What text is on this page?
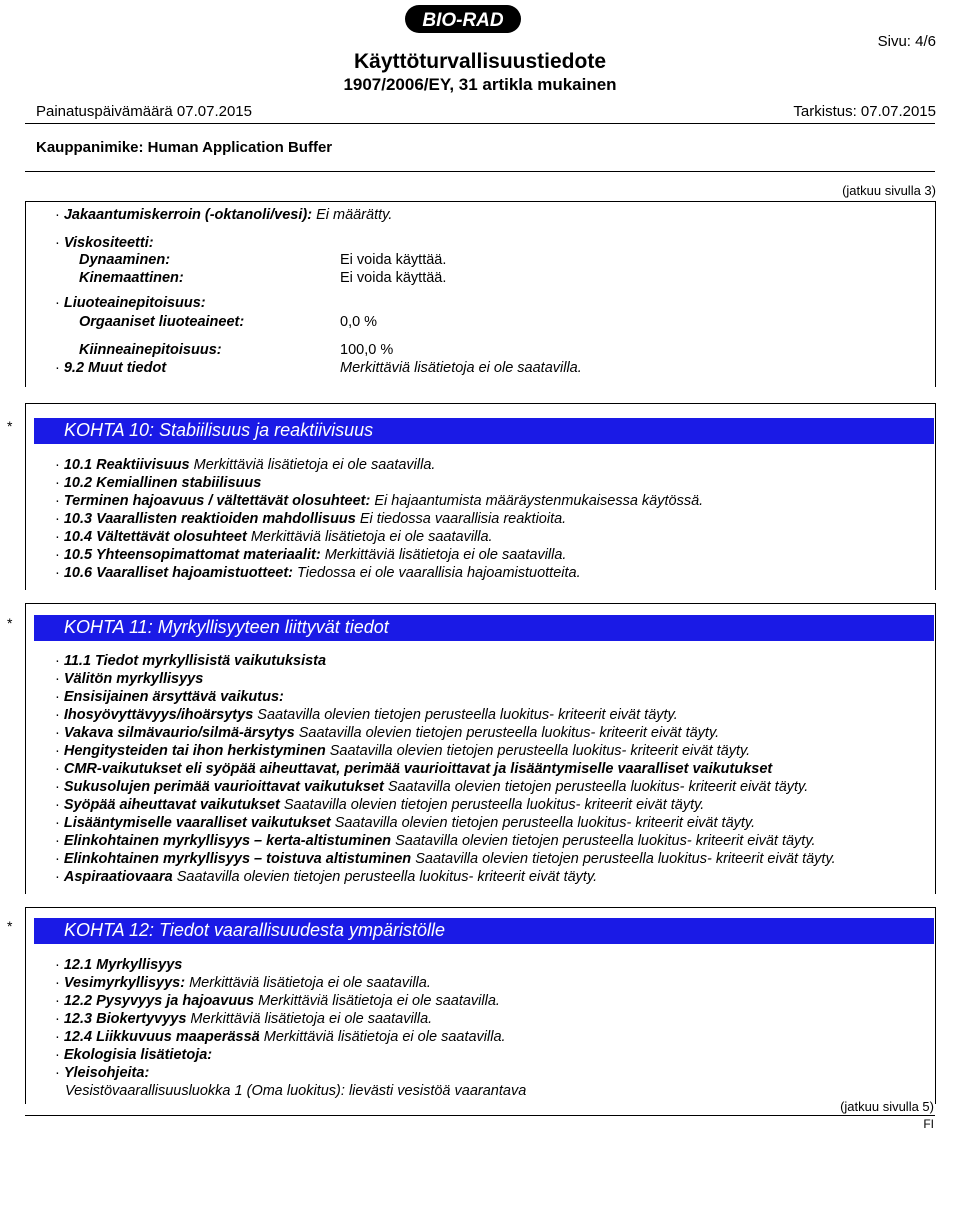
BIO-RAD
Käyttöturvallisuustiedote
1907/2006/EY, 31 artikla mukainen
Sivu: 4/6
Painatuspäivämäärä 07.07.2015	Tarkistus: 07.07.2015
Kauppanimike: Human Application Buffer
(jatkuu sivulla 3)
· Jakaantumiskerroin (-oktanoli/vesi): Ei määrätty.
· Viskositeetti:
Dynaaminen:	Ei voida käyttää.
Kinemaattinen:	Ei voida käyttää.
· Liuoteainepitoisuus:
Orgaaniset liuoteaineet:	0,0 %
Kiinneainepitoisuus:	100,0 %
· 9.2 Muut tiedot	Merkittäviä lisätietoja ei ole saatavilla.
*	KOHTA 10: Stabiilisuus ja reaktiivisuus
· 10.1 Reaktiivisuus Merkittäviä lisätietoja ei ole saatavilla.
· 10.2 Kemiallinen stabiilisuus
· Terminen hajoavuus / vältettävät olosuhteet: Ei hajaantumista määräystenmukaisessa käytössä.
· 10.3 Vaarallisten reaktioiden mahdollisuus Ei tiedossa vaarallisia reaktioita.
· 10.4 Vältettävät olosuhteet Merkittäviä lisätietoja ei ole saatavilla.
· 10.5 Yhteensopimattomat materiaalit: Merkittäviä lisätietoja ei ole saatavilla.
· 10.6 Vaaralliset hajoamistuotteet: Tiedossa ei ole vaarallisia hajoamistuotteita.
*	KOHTA 11: Myrkyllisyyteen liittyvät tiedot
· 11.1 Tiedot myrkyllisistä vaikutuksista
· Välitön myrkyllisyys
· Ensisijainen ärsyttävä vaikutus:
· Ihosyövyttävyys/ihoärsytys Saatavilla olevien tietojen perusteella luokitus- kriteerit eivät täyty.
· Vakava silmävaurio/silmä-ärsytys Saatavilla olevien tietojen perusteella luokitus- kriteerit eivät täyty.
· Hengitysteiden tai ihon herkistyminen Saatavilla olevien tietojen perusteella luokitus- kriteerit eivät täyty.
· CMR-vaikutukset eli syöpää aiheuttavat, perimää vaurioittavat ja lisääntymiselle vaaralliset vaikutukset
· Sukusolujen perimää vaurioittavat vaikutukset Saatavilla olevien tietojen perusteella luokitus- kriteerit eivät täyty.
· Syöpää aiheuttavat vaikutukset Saatavilla olevien tietojen perusteella luokitus- kriteerit eivät täyty.
· Lisääntymiselle vaaralliset vaikutukset Saatavilla olevien tietojen perusteella luokitus- kriteerit eivät täyty.
· Elinkohtainen myrkyllisyys – kerta-altistuminen Saatavilla olevien tietojen perusteella luokitus- kriteerit eivät täyty.
· Elinkohtainen myrkyllisyys – toistuva altistuminen Saatavilla olevien tietojen perusteella luokitus- kriteerit eivät täyty.
· Aspiraatiovaara Saatavilla olevien tietojen perusteella luokitus- kriteerit eivät täyty.
*	KOHTA 12: Tiedot vaarallisuudesta ympäristölle
· 12.1 Myrkyllisyys
· Vesimyrkyllisyys: Merkittäviä lisätietoja ei ole saatavilla.
· 12.2 Pysyvyys ja hajoavuus Merkittäviä lisätietoja ei ole saatavilla.
· 12.3 Biokertyvyys Merkittäviä lisätietoja ei ole saatavilla.
· 12.4 Liikkuvuus maaperässä Merkittäviä lisätietoja ei ole saatavilla.
· Ekologisia lisätietoja:
· Yleisohjeita:
Vesistövaarallisuusluokka 1 (Oma luokitus): lievästi vesistöä vaarantava
(jatkuu sivulla 5)
FI
